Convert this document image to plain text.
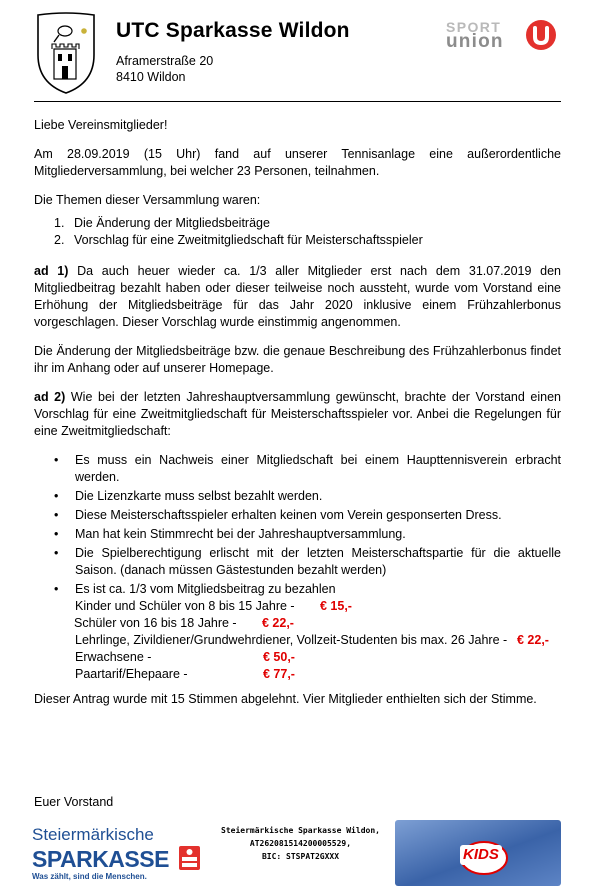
UTC Sparkasse Wildon
Aframerstraße 20
8410 Wildon
SPORT
union

Liebe Vereinsmitglieder!

Am 28.09.2019 (15 Uhr) fand auf unserer Tennisanlage eine außerordentliche Mitgliederversammlung, bei welcher 23 Personen, teilnahmen.

Die Themen dieser Versammlung waren:

1. Die Änderung der Mitgliedsbeiträge
2. Vorschlag für eine Zweitmitgliedschaft für Meisterschaftsspieler

ad 1) Da auch heuer wieder ca. 1/3 aller Mitglieder erst nach dem 31.07.2019 den Mitgliedbeitrag bezahlt haben oder dieser teilweise noch aussteht, wurde vom Vorstand eine Erhöhung der Mitgliedsbeiträge für das Jahr 2020 inklusive einem Frühzahlerbonus vorgeschlagen. Dieser Vorschlag wurde einstimmig angenommen.

Die Änderung der Mitgliedsbeiträge bzw. die genaue Beschreibung des Frühzahlerbonus findet ihr im Anhang oder auf unserer Homepage.

ad 2) Wie bei der letzten Jahreshauptversammlung gewünscht, brachte der Vorstand einen Vorschlag für eine Zweitmitgliedschaft für Meisterschaftsspieler vor. Anbei die Regelungen für eine Zweitmitgliedschaft:

• Es muss ein Nachweis einer Mitgliedschaft bei einem Haupttennisverein erbracht werden.
• Die Lizenzkarte muss selbst bezahlt werden.
• Diese Meisterschaftsspieler erhalten keinen vom Verein gesponserten Dress.
• Man hat kein Stimmrecht bei der Jahreshauptversammlung.
• Die Spielberechtigung erlischt mit der letzten Meisterschaftspartie für die aktuelle Saison. (danach müssen Gästestunden bezahlt werden)
• Es ist ca. 1/3 vom Mitgliedsbeitrag zu bezahlen
Kinder und Schüler von 8 bis 15 Jahre - € 15,-
Schüler von 16 bis 18 Jahre - € 22,-
Lehrlinge, Zivildiener/Grundwehrdiener, Vollzeit-Studenten bis max. 26 Jahre - € 22,-
Erwachsene -	€ 50,-
Paartarif/Ehepaare -	€ 77,-

Dieser Antrag wurde mit 15 Stimmen abgelehnt. Vier Mitglieder enthielten sich der Stimme.

Euer Vorstand
Steiermärkische
SPARKASSE
Was zählt, sind die Menschen.
Steiermärkische Sparkasse Wildon,
AT262081514200005529,
BIC: STSPAT2GXXX	KIDS
